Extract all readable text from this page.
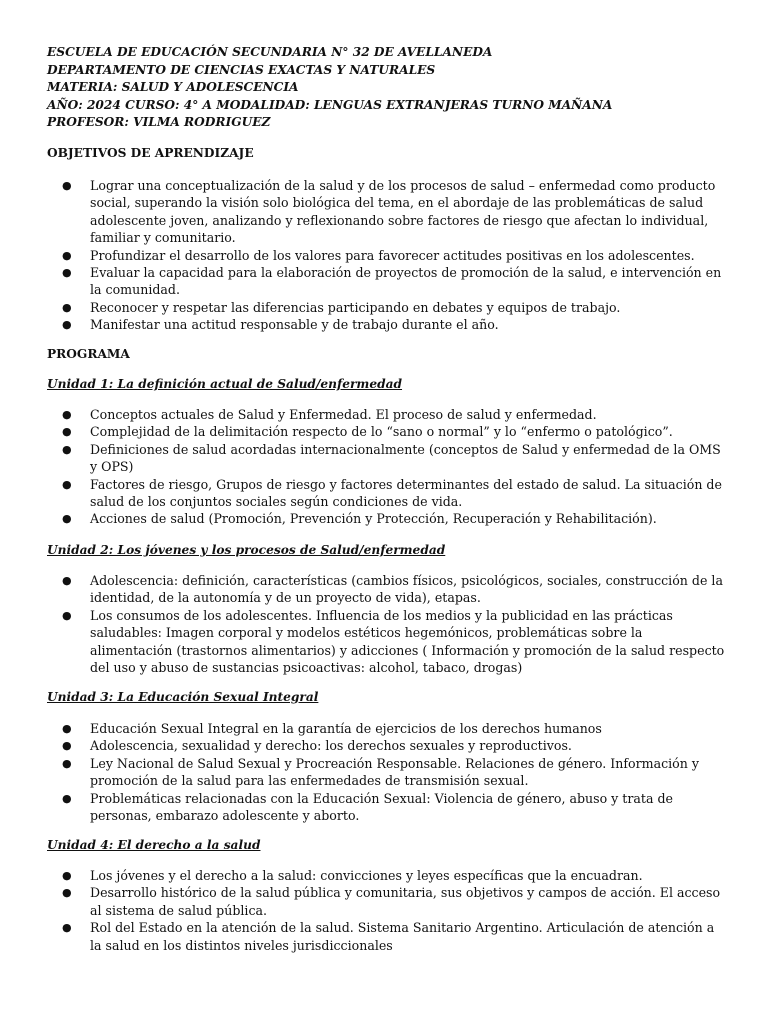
ESCUELA DE EDUCACIÓN SECUNDARIA N° 32 DE AVELLANEDA
DEPARTAMENTO DE CIENCIAS EXACTAS Y NATURALES
MATERIA: SALUD Y ADOLESCENCIA
AÑO: 2024 CURSO: 4° A MODALIDAD: LENGUAS EXTRANJERAS TURNO MAÑANA
PROFESOR: VILMA RODRIGUEZ
OBJETIVOS DE APRENDIZAJE
● Lograr una conceptualización de la salud y de los procesos de salud – enfermedad como producto social, superando la visión solo biológica del tema, en el abordaje de las problemáticas de salud adolescente joven, analizando y reflexionando sobre factores de riesgo que afectan lo individual, familiar y comunitario.
● Profundizar el desarrollo de los valores para favorecer actitudes positivas en los adolescentes.
● Evaluar la capacidad para la elaboración de proyectos de promoción de la salud, e intervención en la comunidad.
● Reconocer y respetar las diferencias participando en debates y equipos de trabajo.
● Manifestar una actitud responsable y de trabajo durante el año.
PROGRAMA
Unidad 1: La definición actual de Salud/enfermedad
● Conceptos actuales de Salud y Enfermedad. El proceso de salud y enfermedad.
● Complejidad de la delimitación respecto de lo “sano o normal” y lo “enfermo o patológico”.
● Definiciones de salud acordadas internacionalmente (conceptos de Salud y enfermedad de la OMS y OPS)
● Factores de riesgo, Grupos de riesgo y factores determinantes del estado de salud. La situación de salud de los conjuntos sociales según condiciones de vida.
● Acciones de salud (Promoción, Prevención y Protección, Recuperación y Rehabilitación).
Unidad 2: Los jóvenes y los procesos de Salud/enfermedad
● Adolescencia: definición, características (cambios físicos, psicológicos, sociales, construcción de la identidad, de la autonomía y de un proyecto de vida), etapas.
● Los consumos de los adolescentes. Influencia de los medios y la publicidad en las prácticas saludables: Imagen corporal y modelos estéticos hegemónicos, problemáticas sobre la alimentación (trastornos alimentarios) y adicciones ( Información y promoción de la salud respecto del uso y abuso de sustancias psicoactivas: alcohol, tabaco, drogas)
Unidad 3: La Educación Sexual Integral
● Educación Sexual Integral en la garantía de ejercicios de los derechos humanos
● Adolescencia, sexualidad y derecho: los derechos sexuales y reproductivos.
● Ley Nacional de Salud Sexual y Procreación Responsable. Relaciones de género. Información y promoción de la salud para las enfermedades de transmisión sexual.
● Problemáticas relacionadas con la Educación Sexual: Violencia de género, abuso y trata de personas, embarazo adolescente y aborto.
Unidad 4: El derecho a la salud
● Los jóvenes y el derecho a la salud: convicciones y leyes específicas que la encuadran.
● Desarrollo histórico de la salud pública y comunitaria, sus objetivos y campos de acción. El acceso al sistema de salud pública.
● Rol del Estado en la atención de la salud. Sistema Sanitario Argentino. Articulación de atención a la salud en los distintos niveles jurisdiccionales
